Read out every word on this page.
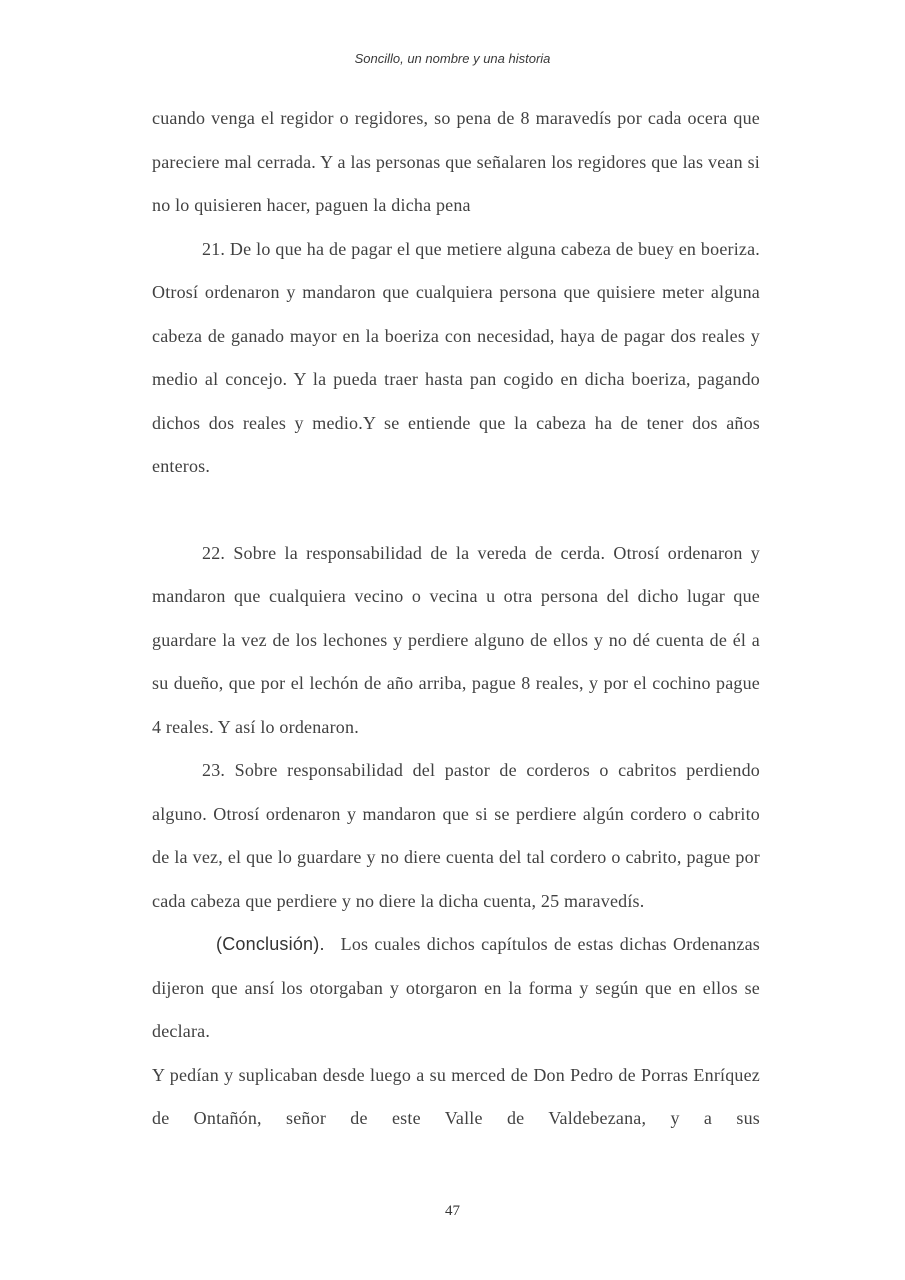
Soncillo, un nombre y una historia

cuando venga el regidor o regidores, so pena de 8 maravedís por cada ocera que pareciere mal cerrada. Y a las personas que señalaren los regidores que las vean si no lo quisieren hacer, paguen la dicha pena

21. De lo que ha de pagar el que metiere alguna cabeza de buey en boeriza. Otrosí ordenaron y mandaron que cualquiera persona que quisiere meter alguna cabeza de ganado mayor en la boeriza con necesidad, haya de pagar dos reales y medio al concejo. Y la pueda traer hasta pan cogido en dicha boeriza, pagando dichos dos reales y medio.Y se entiende que la cabeza ha de tener dos años enteros.

22. Sobre la responsabilidad de la vereda de cerda. Otrosí ordenaron y mandaron que cualquiera vecino o vecina u otra persona del dicho lugar que guardare la vez de los lechones y perdiere alguno de ellos y no dé cuenta de él a su dueño, que por el lechón de año arriba, pague 8 reales, y por el cochino pague 4 reales. Y así lo ordenaron.

23. Sobre responsabilidad del pastor de corderos o cabritos perdiendo alguno. Otrosí ordenaron y mandaron que si se perdiere algún cordero o cabrito de la vez, el que lo guardare y no diere cuenta del tal cordero o cabrito, pague por cada cabeza que perdiere y no diere la dicha cuenta, 25 maravedís.

(Conclusión). Los cuales dichos capítulos de estas dichas Ordenanzas dijeron que ansí los otorgaban y otorgaron en la forma y según que en ellos se declara.

Y pedían y suplicaban desde luego a su merced de Don Pedro de Porras Enríquez de Ontañón, señor de este Valle de Valdebezana, y a sus

47
